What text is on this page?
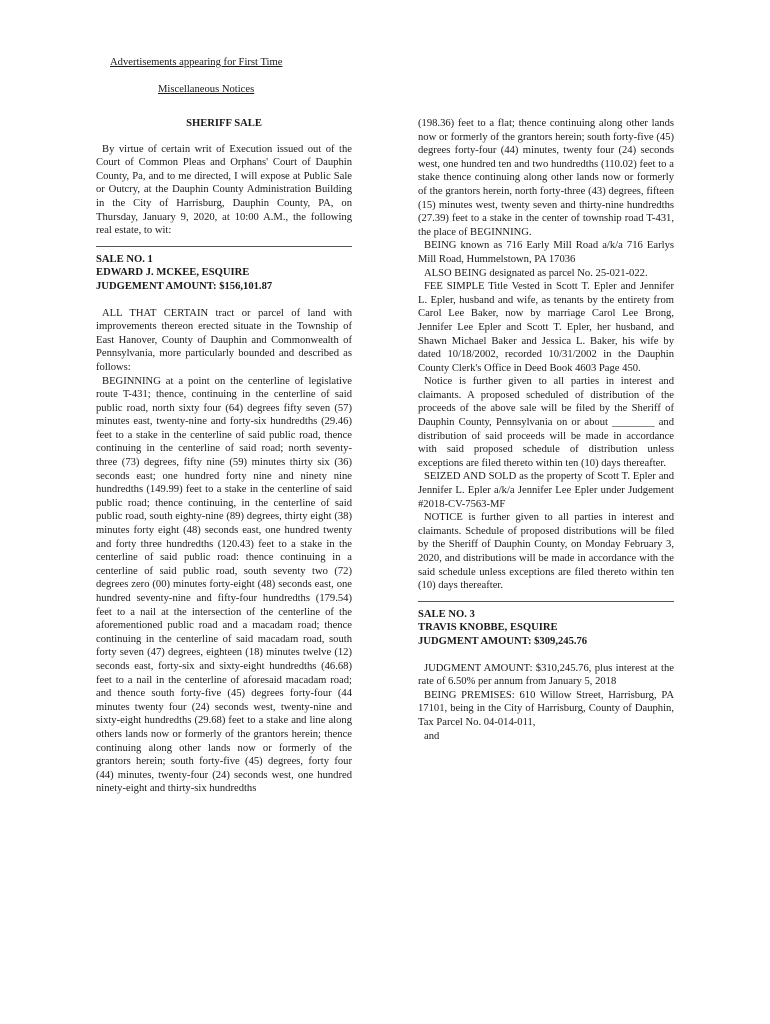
Advertisements appearing for First Time

Miscellaneous Notices

SHERIFF SALE

By virtue of certain writ of Execution issued out of the Court of Common Pleas and Orphans' Court of Dauphin County, Pa, and to me directed, I will expose at Public Sale or Outcry, at the Dauphin County Administration Building in the City of Harrisburg, Dauphin County, PA, on Thursday, January 9, 2020, at 10:00 A.M., the following real estate, to wit:

SALE NO. 1

EDWARD J. MCKEE, ESQUIRE

JUDGEMENT AMOUNT: $156,101.87

ALL THAT CERTAIN tract or parcel of land with improvements thereon erected situate in the Township of East Hanover, County of Dauphin and Commonwealth of Pennsylvania, more particularly bounded and described as follows:

BEGINNING at a point on the centerline of legislative route T-431; thence, continuing in the centerline of said public road, north sixty four (64) degrees fifty seven (57) minutes east, twenty-nine and forty-six hundredths (29.46) feet to a stake in the centerline of said public road, thence continuing in the centerline of said road; north seventy-three (73) degrees, fifty nine (59) minutes thirty six (36) seconds east; one hundred forty nine and ninety nine hundredths (149.99) feet to a stake in the centerline of said public road; thence continuing, in the centerline of said public road, south eighty-nine (89) degrees, thirty eight (38) minutes forty eight (48) seconds east, one hundred twenty and forty three hundredths (120.43) feet to a stake in the centerline of said public road: thence continuing in a centerline of said public road, south seventy two (72) degrees zero (00) minutes forty-eight (48) seconds east, one hundred seventy-nine and fifty-four hundredths (179.54) feet to a nail at the intersection of the centerline of the aforementioned public road and a macadam road; thence continuing in the centerline of said macadam road, south forty seven (47) degrees, eighteen (18) minutes twelve (12) seconds east, forty-six and sixty-eight hundredths (46.68) feet to a nail in the centerline of aforesaid macadam road; and thence south forty-five (45) degrees forty-four (44 minutes twenty four (24) seconds west, twenty-nine and sixty-eight hundredths (29.68) feet to a stake and line along others lands now or formerly of the grantors herein; thence continuing along other lands now or formerly of the grantors herein; south forty-five (45) degrees, forty four (44) minutes, twenty-four (24) seconds west, one hundred ninety-eight and thirty-six hundredths

(198.36) feet to a flat; thence continuing along other lands now or formerly of the grantors herein; south forty-five (45) degrees forty-four (44) minutes, twenty four (24) seconds west, one hundred ten and two hundredths (110.02) feet to a stake thence continuing along other lands now or formerly of the grantors herein, north forty-three (43) degrees, fifteen (15) minutes west, twenty seven and thirty-nine hundredths (27.39) feet to a stake in the center of township road T-431, the place of BEGINNING.

BEING known as 716 Early Mill Road a/k/a 716 Earlys Mill Road, Hummelstown, PA 17036

ALSO BEING designated as parcel No. 25-021-022.

FEE SIMPLE Title Vested in Scott T. Epler and Jennifer L. Epler, husband and wife, as tenants by the entirety from Carol Lee Baker, now by marriage Carol Lee Brong, Jennifer Lee Epler and Scott T. Epler, her husband, and Shawn Michael Baker and Jessica L. Baker, his wife by dated 10/18/2002, recorded 10/31/2002 in the Dauphin County Clerk's Office in Deed Book 4603 Page 450.

Notice is further given to all parties in interest and claimants. A proposed scheduled of distribution of the proceeds of the above sale will be filed by the Sheriff of Dauphin County, Pennsylvania on or about ________ and distribution of said proceeds will be made in accordance with said proposed schedule of distribution unless exceptions are filed thereto within ten (10) days thereafter.

SEIZED AND SOLD as the property of Scott T. Epler and Jennifer L. Epler a/k/a Jennifer Lee Epler under Judgement #2018-CV-7563-MF

NOTICE is further given to all parties in interest and claimants. Schedule of proposed distributions will be filed by the Sheriff of Dauphin County, on Monday February 3, 2020, and distributions will be made in accordance with the said schedule unless exceptions are filed thereto within ten (10) days thereafter.

SALE NO. 3

TRAVIS KNOBBE, ESQUIRE

JUDGMENT AMOUNT: $309,245.76

JUDGMENT AMOUNT: $310,245.76, plus interest at the rate of 6.50% per annum from January 5, 2018

BEING PREMISES: 610 Willow Street, Harrisburg, PA 17101, being in the City of Harrisburg, County of Dauphin, Tax Parcel No. 04-014-011,

and
